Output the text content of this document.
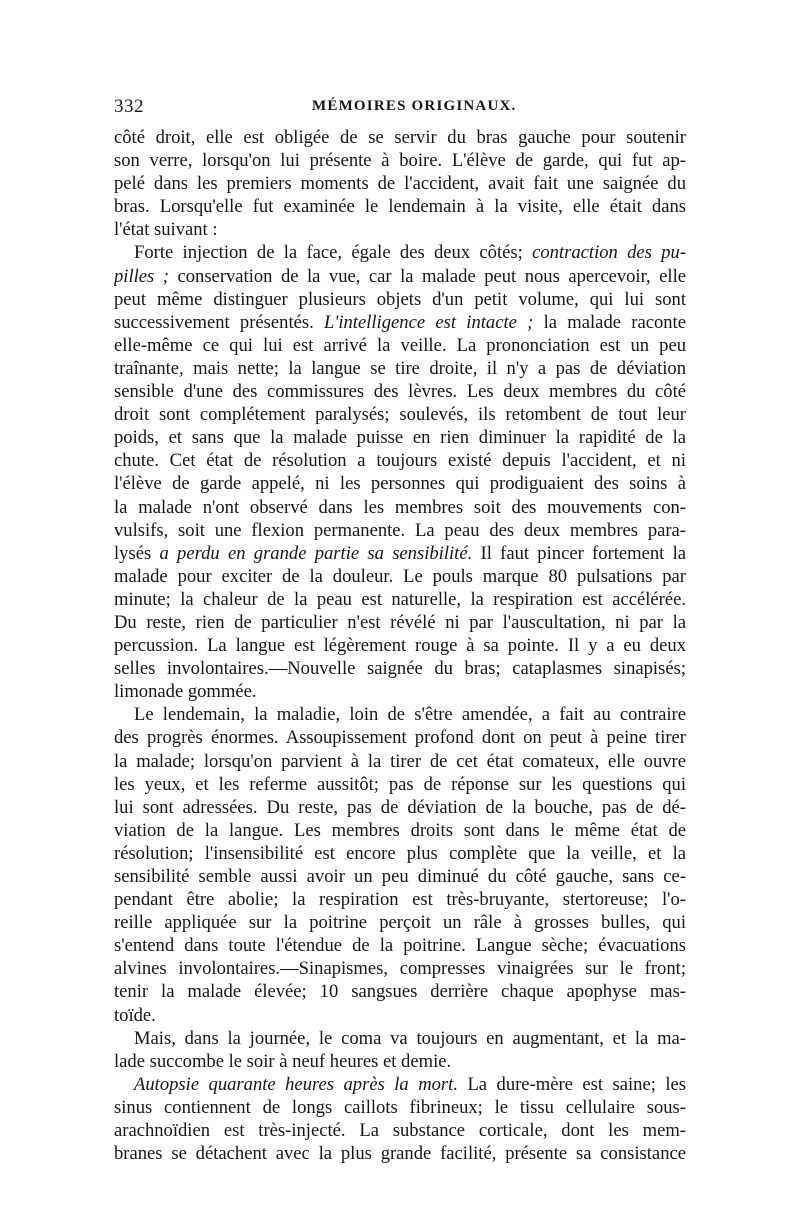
332	MÉMOIRES ORIGINAUX.
côté droit, elle est obligée de se servir du bras gauche pour soutenir
son verre, lorsqu'on lui présente à boire. L'élève de garde, qui fut ap-
pelé dans les premiers moments de l'accident, avait fait une saignée du
bras. Lorsqu'elle fut examinée le lendemain à la visite, elle était dans
l'état suivant :
Forte injection de la face, égale des deux côtés; contraction des pu-
pilles ; conservation de la vue, car la malade peut nous apercevoir, elle
peut même distinguer plusieurs objets d'un petit volume, qui lui sont
successivement présentés. L'intelligence est intacte ; la malade raconte
elle-même ce qui lui est arrivé la veille. La prononciation est un peu
traînante, mais nette; la langue se tire droite, il n'y a pas de déviation
sensible d'une des commissures des lèvres. Les deux membres du côté
droit sont complétement paralysés; soulevés, ils retombent de tout leur
poids, et sans que la malade puisse en rien diminuer la rapidité de la
chute. Cet état de résolution a toujours existé depuis l'accident, et ni
l'élève de garde appelé, ni les personnes qui prodiguaient des soins à
la malade n'ont observé dans les membres soit des mouvements con-
vulsifs, soit une flexion permanente. La peau des deux membres para-
lysés a perdu en grande partie sa sensibilité. Il faut pincer fortement la
malade pour exciter de la douleur. Le pouls marque 80 pulsations par
minute; la chaleur de la peau est naturelle, la respiration est accélérée.
Du reste, rien de particulier n'est révélé ni par l'auscultation, ni par la
percussion. La langue est légèrement rouge à sa pointe. Il y a eu deux
selles involontaires.—Nouvelle saignée du bras; cataplasmes sinapisés;
limonade gommée.
Le lendemain, la maladie, loin de s'être amendée, a fait au contraire
des progrès énormes. Assoupissement profond dont on peut à peine tirer
la malade; lorsqu'on parvient à la tirer de cet état comateux, elle ouvre
les yeux, et les referme aussitôt; pas de réponse sur les questions qui
lui sont adressées. Du reste, pas de déviation de la bouche, pas de dé-
viation de la langue. Les membres droits sont dans le même état de
résolution; l'insensibilité est encore plus complète que la veille, et la
sensibilité semble aussi avoir un peu diminué du côté gauche, sans ce-
pendant être abolie; la respiration est très-bruyante, stertoreuse; l'o-
reille appliquée sur la poitrine perçoit un râle à grosses bulles, qui
s'entend dans toute l'étendue de la poitrine. Langue sèche; évacuations
alvines involontaires.—Sinapismes, compresses vinaigrées sur le front;
tenir la malade élevée; 10 sangsues derrière chaque apophyse mas-
toïde.
Mais, dans la journée, le coma va toujours en augmentant, et la ma-
lade succombe le soir à neuf heures et demie.
Autopsie quarante heures après la mort. La dure-mère est saine; les
sinus contiennent de longs caillots fibrineux; le tissu cellulaire sous-
arachnoïdien est très-injecté. La substance corticale, dont les mem-
branes se détachent avec la plus grande facilité, présente sa consistance
